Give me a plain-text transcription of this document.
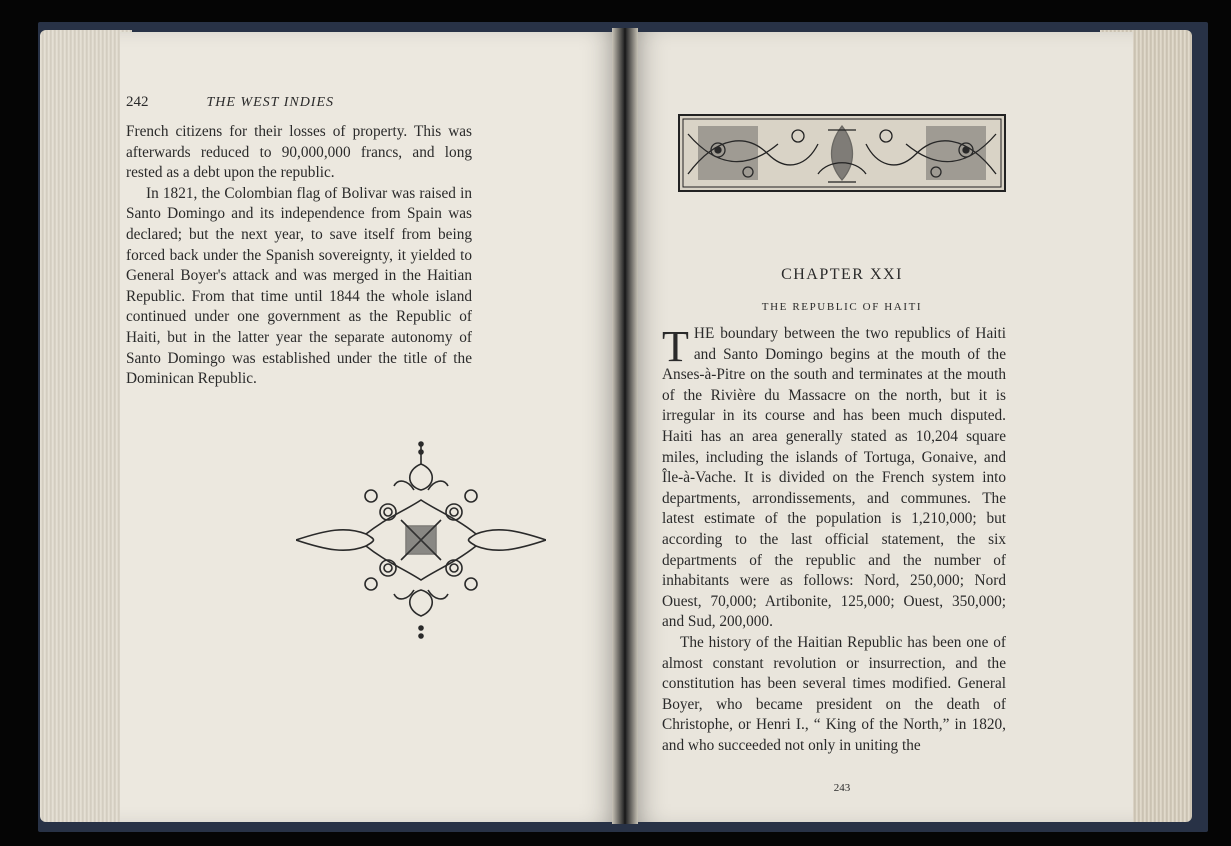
242	THE WEST INDIES

French citizens for their losses of property. This was afterwards reduced to 90,000,000 francs, and long rested as a debt upon the republic.

In 1821, the Colombian flag of Bolivar was raised in Santo Domingo and its independence from Spain was declared; but the next year, to save itself from being forced back under the Spanish sovereignty, it yielded to General Boyer's attack and was merged in the Haitian Republic. From that time until 1844 the whole island continued under one government as the Republic of Haiti, but in the latter year the separate autonomy of Santo Domingo was established under the title of the Dominican Republic.

CHAPTER XXI
THE REPUBLIC OF HAITI

THE boundary between the two republics of Haiti and Santo Domingo begins at the mouth of the Anses-à-Pitre on the south and terminates at the mouth of the Rivière du Massacre on the north, but it is irregular in its course and has been much disputed. Haiti has an area generally stated as 10,204 square miles, including the islands of Tortuga, Gonaive, and Île-à-Vache. It is divided on the French system into departments, arrondissements, and communes. The latest estimate of the population is 1,210,000; but according to the last official statement, the six departments of the republic and the number of inhabitants were as follows: Nord, 250,000; Nord Ouest, 70,000; Artibonite, 125,000; Ouest, 350,000; and Sud, 200,000.

The history of the Haitian Republic has been one of almost constant revolution or insurrection, and the constitution has been several times modified. General Boyer, who became president on the death of Christophe, or Henri I., “ King of the North,” in 1820, and who succeeded not only in uniting the

243
